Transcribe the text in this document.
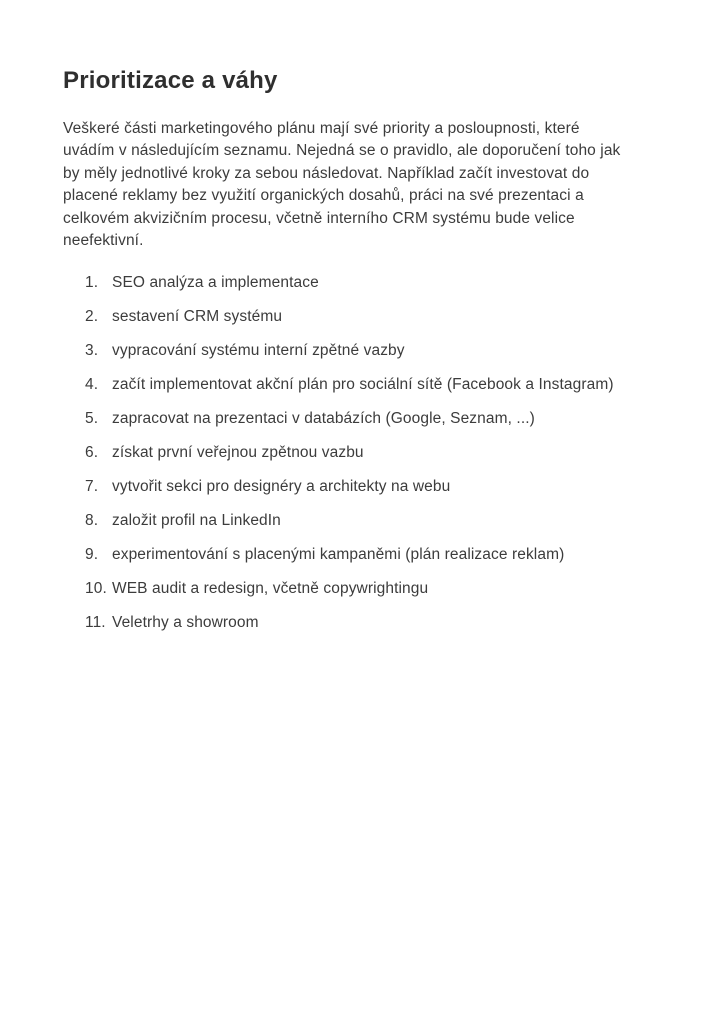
Prioritizace a váhy

Veškeré části marketingového plánu mají své priority a posloupnosti, které uvádím v následujícím seznamu. Nejedná se o pravidlo, ale doporučení toho jak by měly jednotlivé kroky za sebou následovat. Například začít investovat do placené reklamy bez využití organických dosahů, práci na své prezentaci a celkovém akvizičním procesu, včetně interního CRM systému bude velice neefektivní.

1. SEO analýza a implementace
2. sestavení CRM systému
3. vypracování systému interní zpětné vazby
4. začít implementovat akční plán pro sociální sítě (Facebook a Instagram)
5. zapracovat na prezentaci v databázích (Google, Seznam, ...)
6. získat první veřejnou zpětnou vazbu
7. vytvořit sekci pro designéry a architekty na webu
8. založit profil na LinkedIn
9. experimentování s placenými kampaněmi (plán realizace reklam)
10. WEB audit a redesign, včetně copywrightingu
11. Veletrhy a showroom
